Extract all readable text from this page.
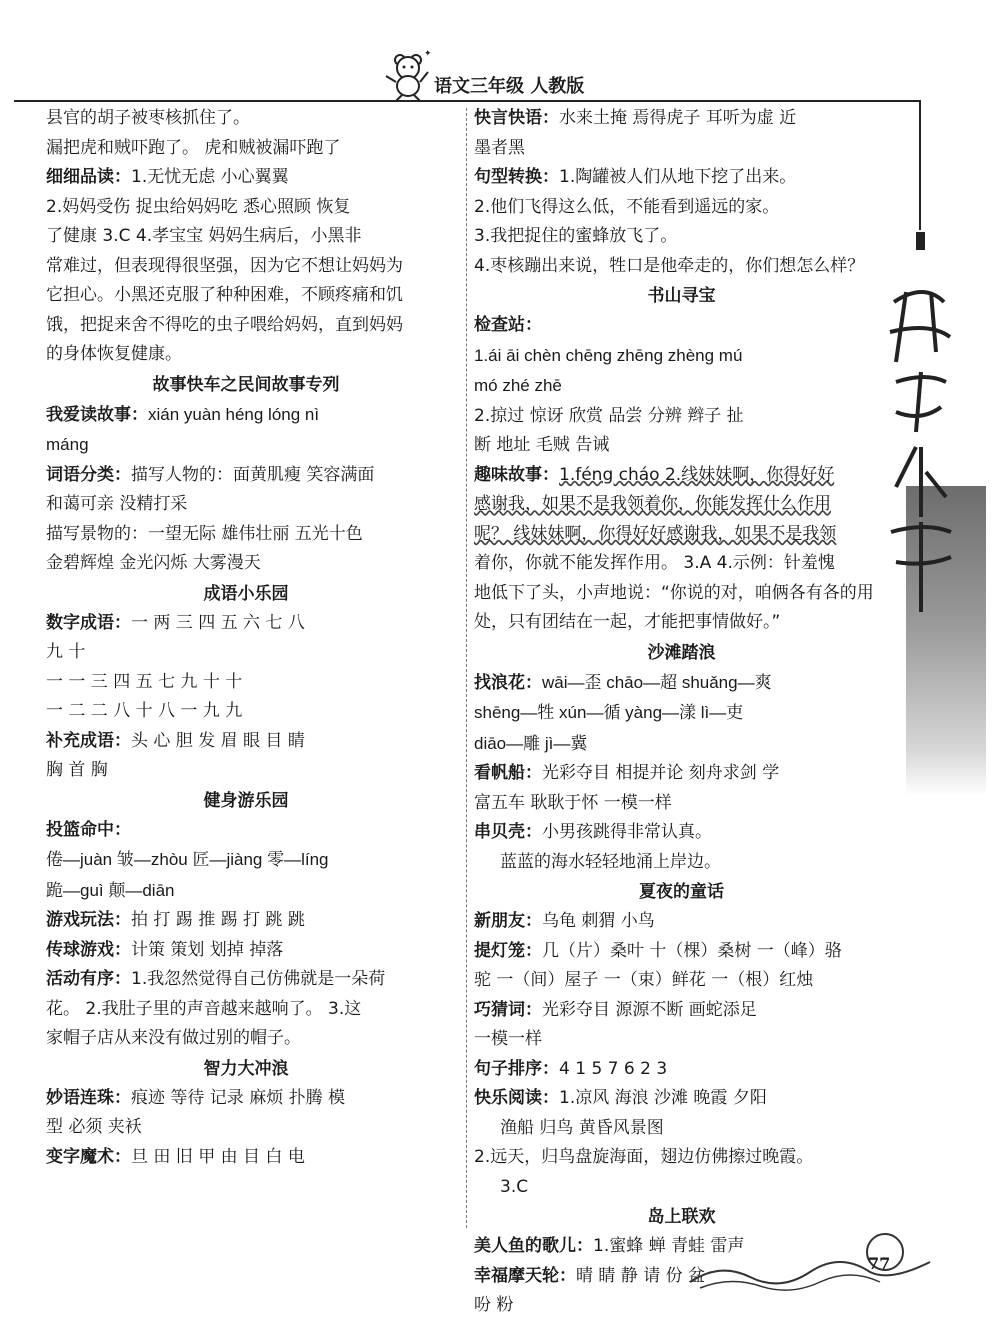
✦
语文三年级 人教版
县官的胡子被枣核抓住了。
漏把虎和贼吓跑了。 虎和贼被漏吓跑了
细细品读：1.无忧无虑 小心翼翼
2.妈妈受伤 捉虫给妈妈吃 悉心照顾 恢复
了健康 3.C 4.孝宝宝 妈妈生病后，小黑非
常难过，但表现得很坚强，因为它不想让妈妈为
它担心。小黑还克服了种种困难，不顾疼痛和饥
饿，把捉来舍不得吃的虫子喂给妈妈，直到妈妈
的身体恢复健康。
故事快车之民间故事专列
我爱读故事：xián yuàn héng lóng nì
máng
词语分类：描写人物的：面黄肌瘦 笑容满面
和蔼可亲 没精打采
描写景物的：一望无际 雄伟壮丽 五光十色
金碧辉煌 金光闪烁 大雾漫天
成语小乐园
数字成语：一 两 三 四 五 六 七 八
九 十
一 一 三 四 五 七 九 十 十
一 二 二 八 十 八 一 九 九
补充成语：头 心 胆 发 眉 眼 目 睛
胸 首 胸
健身游乐园
投篮命中：
倦—juàn 皱—zhòu 匠—jiàng 零—líng
跪—guì 颠—diān
游戏玩法：拍 打 踢 推 踢 打 跳 跳
传球游戏：计策 策划 划掉 掉落
活动有序：1.我忽然觉得自己仿佛就是一朵荷
花。 2.我肚子里的声音越来越响了。 3.这
家帽子店从来没有做过别的帽子。
智力大冲浪
妙语连珠：痕迹 等待 记录 麻烦 扑腾 模
型 必须 夹袄
变字魔术：旦 田 旧 甲 由 目 白 电
快言快语：水来土掩 焉得虎子 耳听为虚 近
墨者黑
句型转换：1.陶罐被人们从地下挖了出来。
2.他们飞得这么低，不能看到遥远的家。
3.我把捉住的蜜蜂放飞了。
4.枣核蹦出来说，牲口是他牵走的，你们想怎么样？
书山寻宝
检查站：
1.ái āi chèn chēng zhēng zhèng mú
mó zhé zhē
2.掠过 惊讶 欣赏 品尝 分辨 辫子 扯
断 地址 毛贼 告诫
趣味故事：1.féng cháo 2.线妹妹啊，你得好好
感谢我，如果不是我领着你，你能发挥什么作用
呢？ 线妹妹啊，你得好好感谢我，如果不是我领
着你，你就不能发挥作用。 3.A 4.示例：针羞愧
地低下了头，小声地说：“你说的对，咱俩各有各的用
处，只有团结在一起，才能把事情做好。”
沙滩踏浪
找浪花：wāi—歪 chāo—超 shuǎng—爽
shēng—牲 xún—循 yàng—漾 lì—吏
diāo—雕 jì—冀
看帆船：光彩夺目 相提并论 刻舟求剑 学
富五车 耿耿于怀 一模一样
串贝壳：小男孩跳得非常认真。
蓝蓝的海水轻轻地涌上岸边。
夏夜的童话
新朋友：乌龟 刺猬 小鸟
提灯笼：几（片）桑叶 十（棵）桑树 一（峰）骆
驼 一（间）屋子 一（束）鲜花 一（根）红烛
巧猜词：光彩夺目 源源不断 画蛇添足
一模一样
句子排序：4 1 5 7 6 2 3
快乐阅读：1.凉风 海浪 沙滩 晚霞 夕阳
渔船 归鸟 黄昏风景图
2.远天，归鸟盘旋海面，翅边仿佛擦过晚霞。
3.C
岛上联欢
美人鱼的歌儿：1.蜜蜂 蝉 青蛙 雷声
幸福摩天轮：晴 睛 静 请 份 盆
吩 粉
77
